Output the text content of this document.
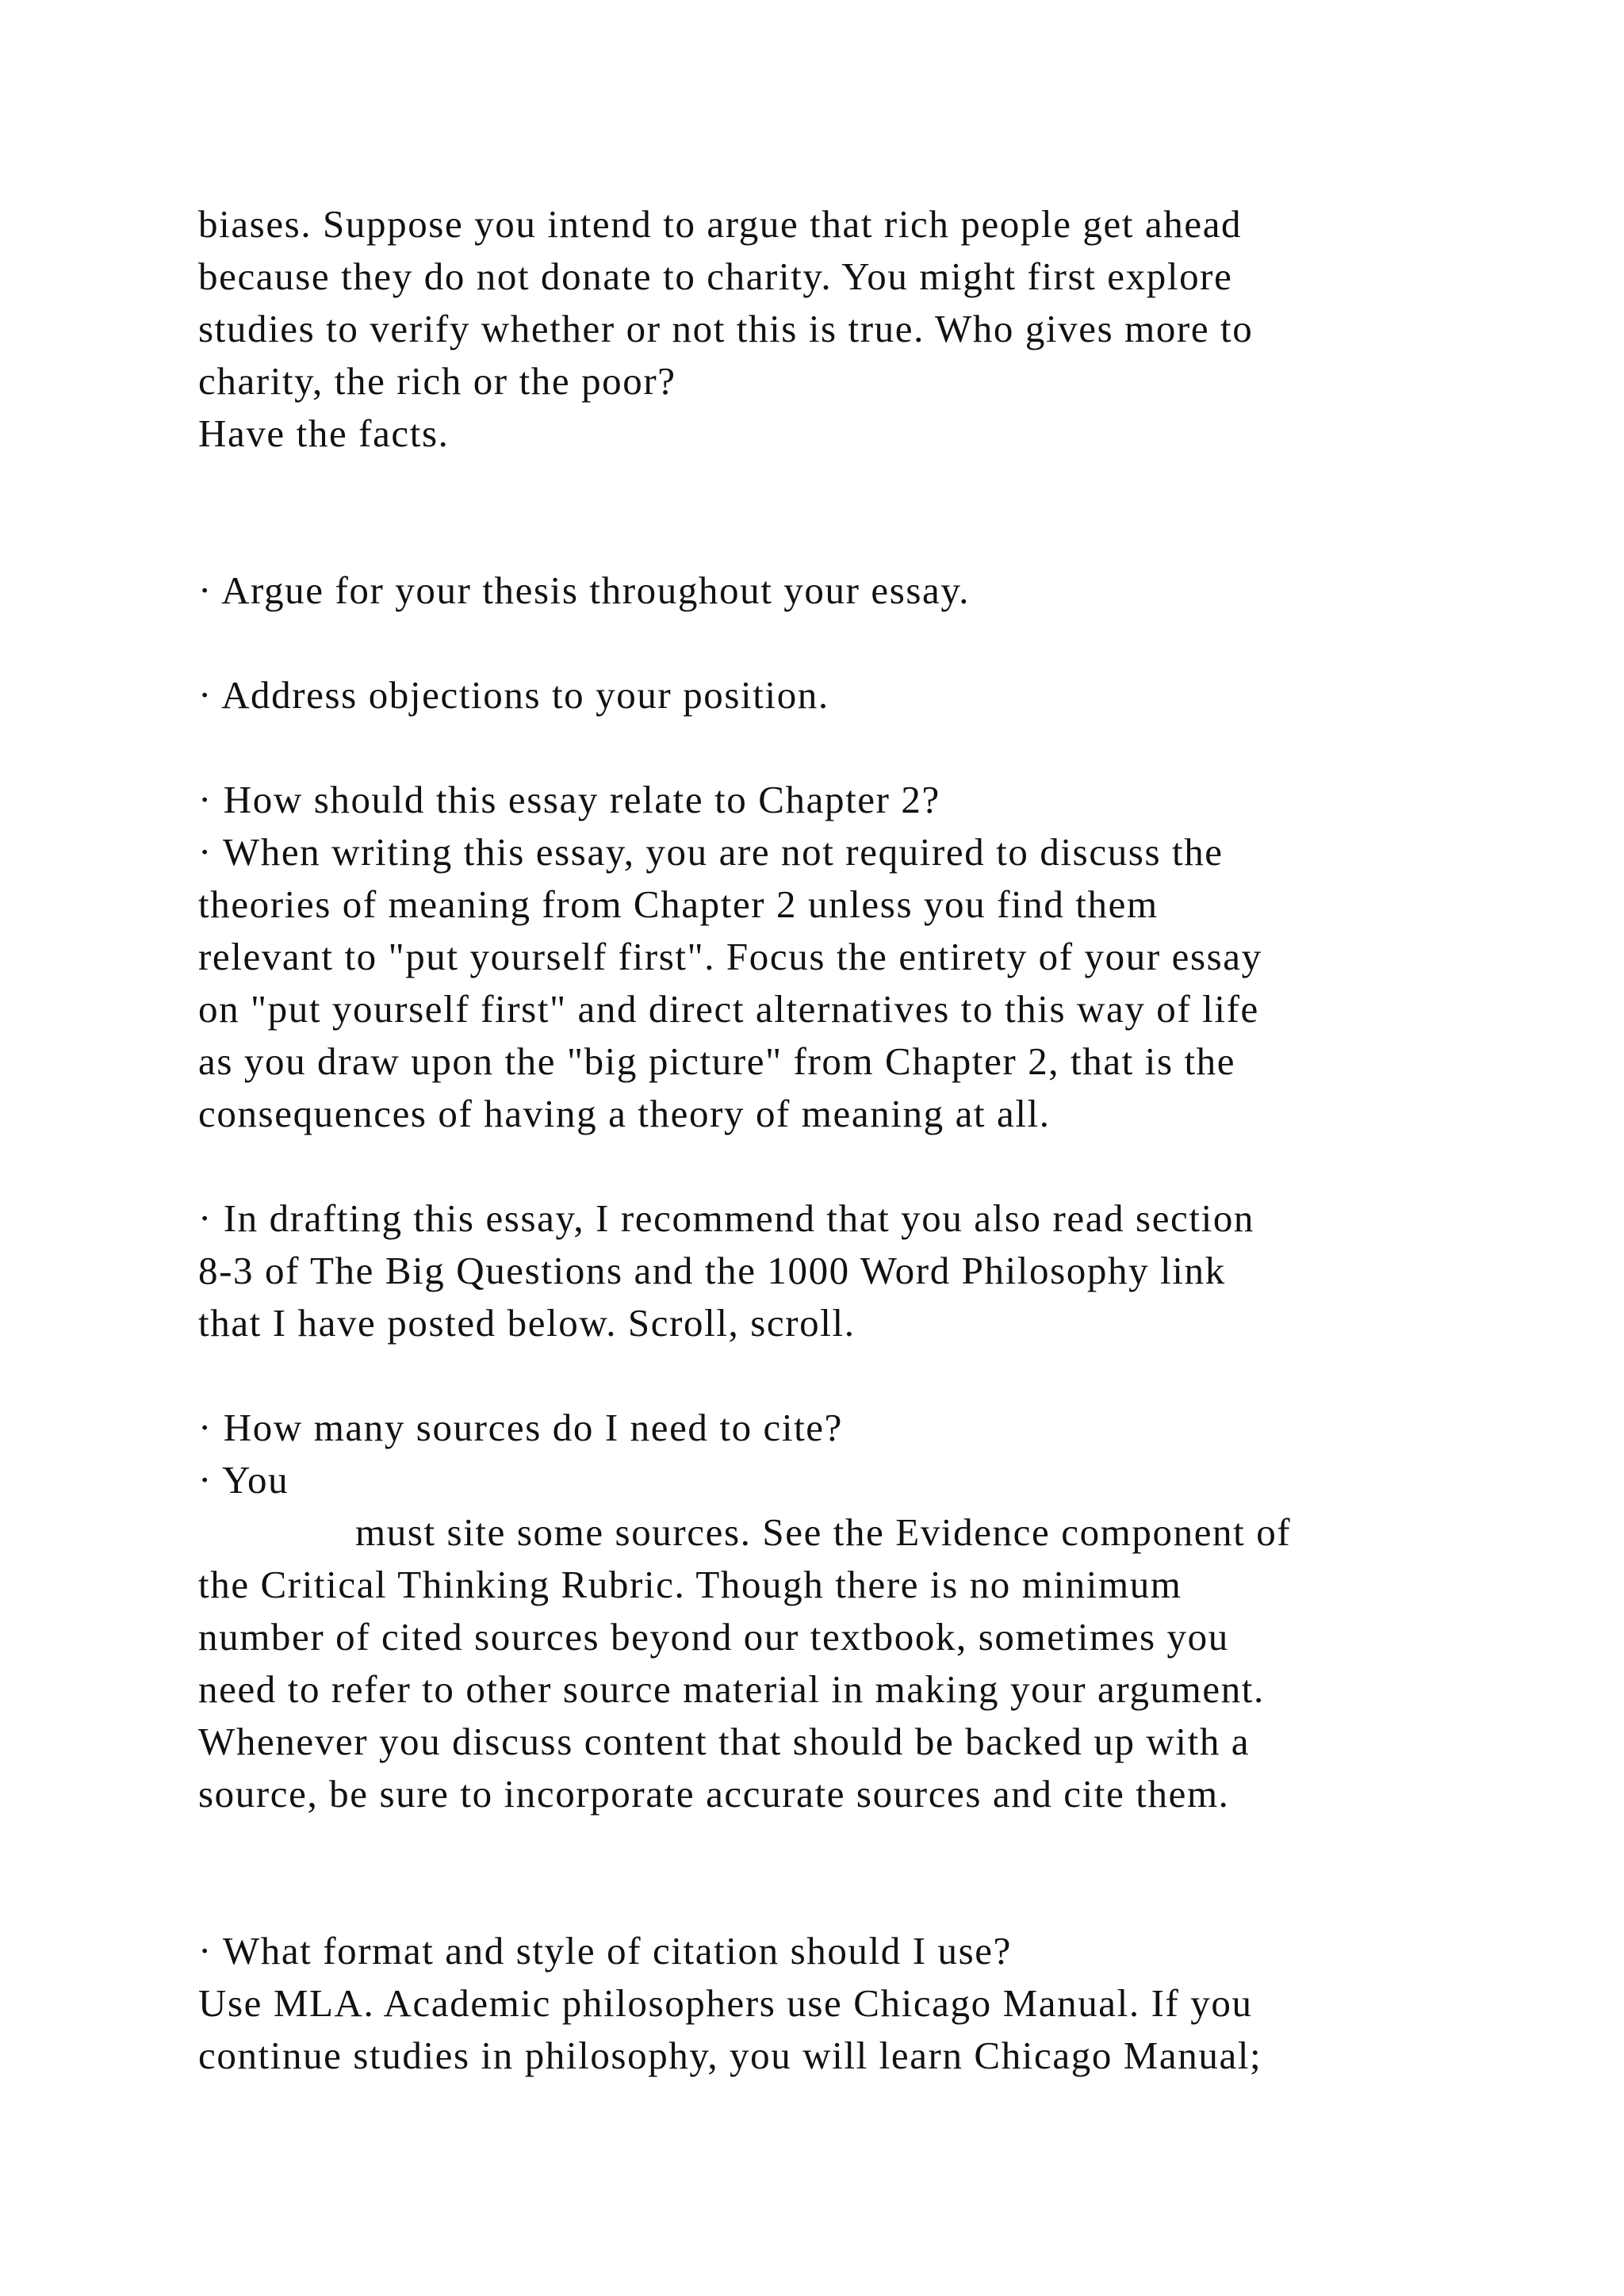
biases. Suppose you intend to argue that rich people get ahead
because they do not donate to charity. You might first explore
studies to verify whether or not this is true. Who gives more to
charity, the rich or the poor?
Have the facts.
· Argue for your thesis throughout your essay.
· Address objections to your position.
· How should this essay relate to Chapter 2?
· When writing this essay, you are not required to discuss the
theories of meaning from Chapter 2 unless you find them
relevant to "put yourself first". Focus the entirety of your essay
on "put yourself first" and direct alternatives to this way of life
as you draw upon the "big picture" from Chapter 2, that is the
consequences of having a theory of meaning at all.
· In drafting this essay, I recommend that you also read section
8-3 of The Big Questions and the 1000 Word Philosophy link
that I have posted below. Scroll, scroll.
· How many sources do I need to cite?
· You
must site some sources. See the Evidence component of
the Critical Thinking Rubric. Though there is no minimum
number of cited sources beyond our textbook, sometimes you
need to refer to other source material in making your argument.
Whenever you discuss content that should be backed up with a
source, be sure to incorporate accurate sources and cite them.
· What format and style of citation should I use?
Use MLA. Academic philosophers use Chicago Manual. If you
continue studies in philosophy, you will learn Chicago Manual;
